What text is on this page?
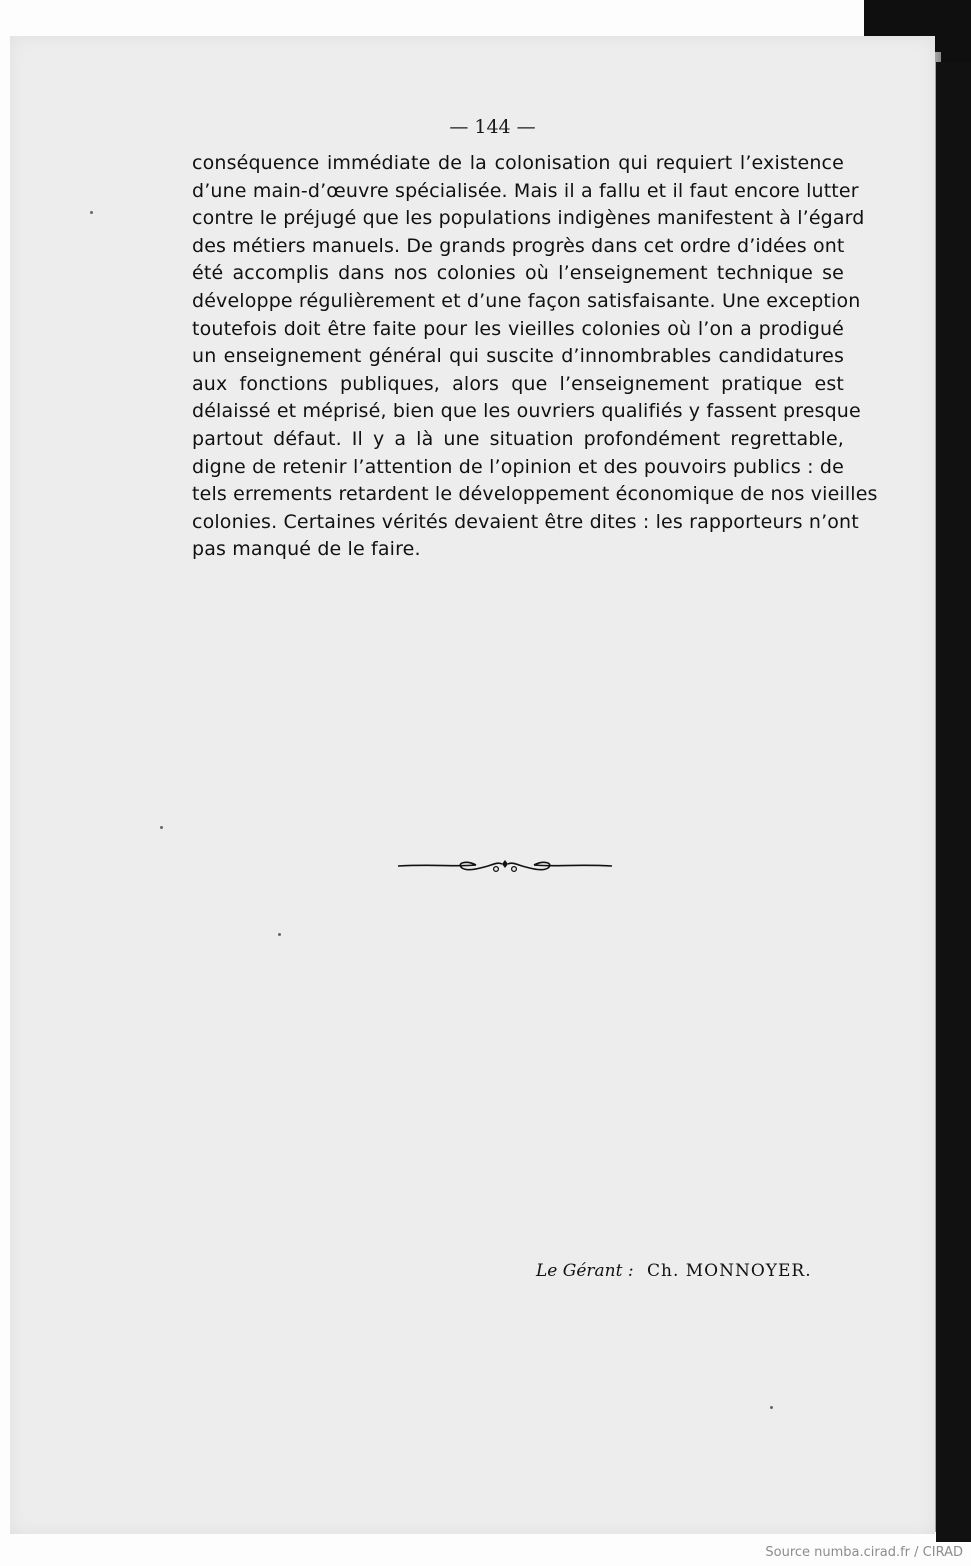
— 144 —
conséquence immédiate de la colonisation qui requiert l’existence
d’une main-d’œuvre spécialisée. Mais il a fallu et il faut encore lutter
contre le préjugé que les populations indigènes manifestent à l’égard
des métiers manuels. De grands progrès dans cet ordre d’idées ont
été accomplis dans nos colonies où l’enseignement technique se
développe régulièrement et d’une façon satisfaisante. Une exception
toutefois doit être faite pour les vieilles colonies où l’on a prodigué
un enseignement général qui suscite d’innombrables candidatures
aux fonctions publiques, alors que l’enseignement pratique est
délaissé et méprisé, bien que les ouvriers qualifiés y fassent presque
partout défaut. Il y a là une situation profondément regrettable,
digne de retenir l’attention de l’opinion et des pouvoirs publics : de
tels errements retardent le développement économique de nos vieilles
colonies. Certaines vérités devaient être dites : les rapporteurs n’ont
pas manqué de le faire.
Le Gérant : Ch. MONNOYER.
Source numba.cirad.fr / CIRAD
